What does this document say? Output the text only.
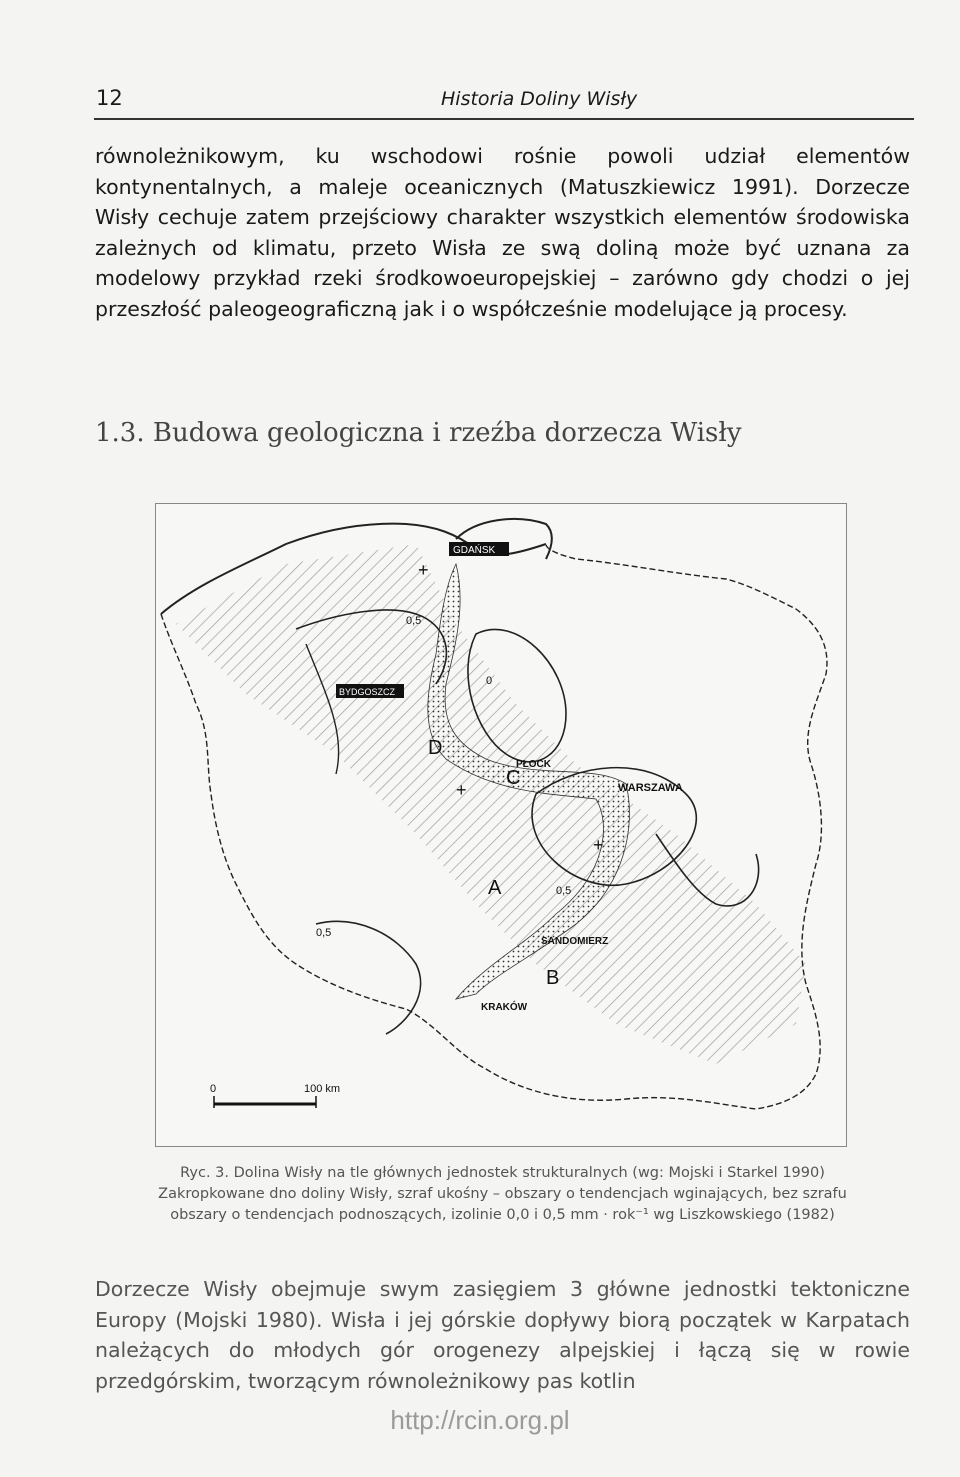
12	Historia Doliny Wisły
równoleżnikowym, ku wschodowi rośnie powoli udział elementów kontynentalnych, a maleje oceanicznych (Matuszkiewicz 1991). Dorzecze Wisły cechuje zatem przejściowy charakter wszystkich elementów środowiska zależnych od klimatu, przeto Wisła ze swą doliną może być uznana za modelowy przykład rzeki środkowoeuropejskiej – zarówno gdy chodzi o jej przeszłość paleogeograficzną jak i o współcześnie modelujące ją procesy.
1.3. Budowa geologiczna i rzeźba dorzecza Wisły
GDAŃSK
BYDGOSZCZ
PŁOCK
WARSZAWA
SANDOMIERZ
KRAKÓW
0,5
0,5
0,5
0
A
B
C
D
+
+
+
0	100 km
Ryc. 3. Dolina Wisły na tle głównych jednostek strukturalnych (wg: Mojski i Starkel 1990)
Zakropkowane dno doliny Wisły, szraf ukośny – obszary o tendencjach wginających, bez szrafu
obszary o tendencjach podnoszących, izolinie 0,0 i 0,5 mm · rok⁻¹ wg Liszkowskiego (1982)
Dorzecze Wisły obejmuje swym zasięgiem 3 główne jednostki tektoniczne Europy (Mojski 1980). Wisła i jej górskie dopływy biorą początek w Karpatach należących do młodych gór orogenezy alpejskiej i łączą się w rowie przedgórskim, tworzącym równoleżnikowy pas kotlin
http://rcin.org.pl
